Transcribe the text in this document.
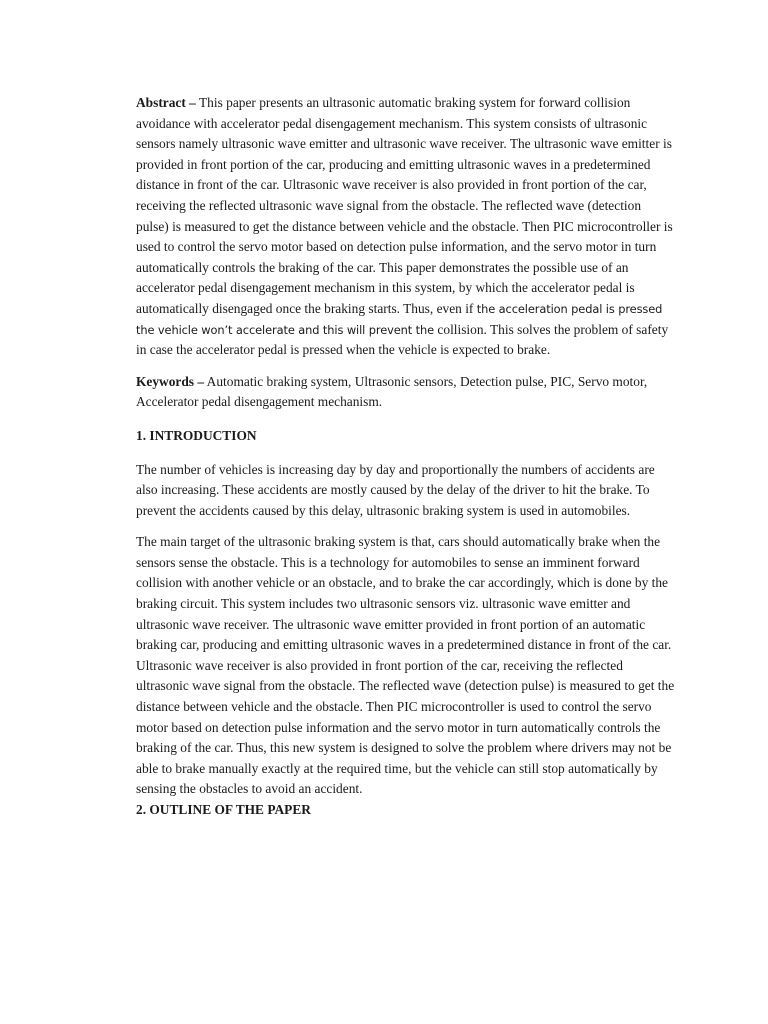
Abstract – This paper presents an ultrasonic automatic braking system for forward collision avoidance with accelerator pedal disengagement mechanism. This system consists of ultrasonic sensors namely ultrasonic wave emitter and ultrasonic wave receiver. The ultrasonic wave emitter is provided in front portion of the car, producing and emitting ultrasonic waves in a predetermined distance in front of the car. Ultrasonic wave receiver is also provided in front portion of the car, receiving the reflected ultrasonic wave signal from the obstacle. The reflected wave (detection pulse) is measured to get the distance between vehicle and the obstacle. Then PIC microcontroller is used to control the servo motor based on detection pulse information, and the servo motor in turn automatically controls the braking of the car. This paper demonstrates the possible use of an accelerator pedal disengagement mechanism in this system, by which the accelerator pedal is automatically disengaged once the braking starts. Thus, even if the acceleration pedal is pressed the vehicle won’t accelerate and this will prevent the collision. This solves the problem of safety in case the accelerator pedal is pressed when the vehicle is expected to brake.

Keywords – Automatic braking system, Ultrasonic sensors, Detection pulse, PIC, Servo motor, Accelerator pedal disengagement mechanism.

1. INTRODUCTION

The number of vehicles is increasing day by day and proportionally the numbers of accidents are also increasing. These accidents are mostly caused by the delay of the driver to hit the brake. To prevent the accidents caused by this delay, ultrasonic braking system is used in automobiles.

The main target of the ultrasonic braking system is that, cars should automatically brake when the sensors sense the obstacle. This is a technology for automobiles to sense an imminent forward collision with another vehicle or an obstacle, and to brake the car accordingly, which is done by the braking circuit. This system includes two ultrasonic sensors viz. ultrasonic wave emitter and ultrasonic wave receiver. The ultrasonic wave emitter provided in front portion of an automatic braking car, producing and emitting ultrasonic waves in a predetermined distance in front of the car. Ultrasonic wave receiver is also provided in front portion of the car, receiving the reflected ultrasonic wave signal from the obstacle. The reflected wave (detection pulse) is measured to get the distance between vehicle and the obstacle. Then PIC microcontroller is used to control the servo motor based on detection pulse information and the servo motor in turn automatically controls the braking of the car. Thus, this new system is designed to solve the problem where drivers may not be able to brake manually exactly at the required time, but the vehicle can still stop automatically by sensing the obstacles to avoid an accident.

2. OUTLINE OF THE PAPER
